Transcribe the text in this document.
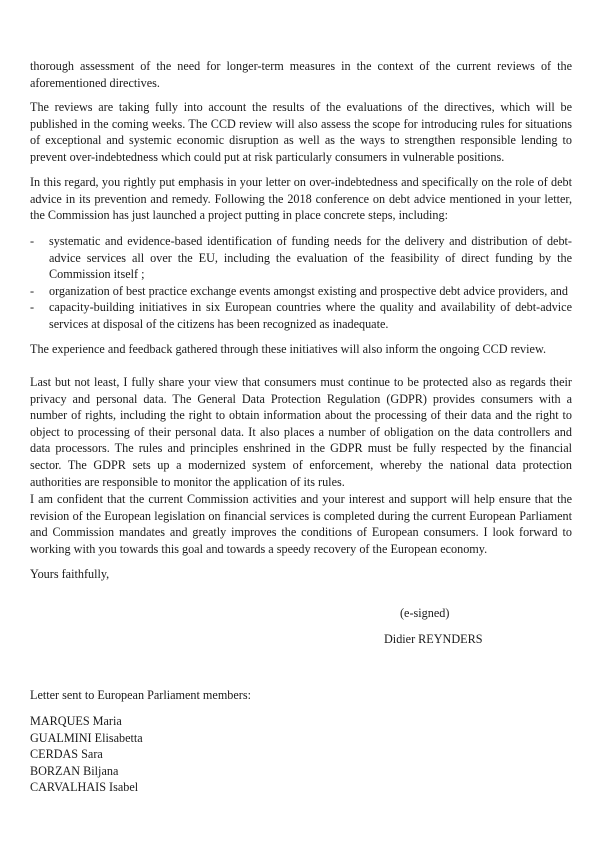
thorough assessment of the need for longer-term measures in the context of the current reviews of the aforementioned directives.

The reviews are taking fully into account the results of the evaluations of the directives, which will be published in the coming weeks. The CCD review will also assess the scope for introducing rules for situations of exceptional and systemic economic disruption as well as the ways to strengthen responsible lending to prevent over-indebtedness which could put at risk particularly consumers in vulnerable positions.

In this regard, you rightly put emphasis in your letter on over-indebtedness and specifically on the role of debt advice in its prevention and remedy. Following the 2018 conference on debt advice mentioned in your letter, the Commission has just launched a project putting in place concrete steps, including:

- systematic and evidence-based identification of funding needs for the delivery and distribution of debt-advice services all over the EU, including the evaluation of the feasibility of direct funding by the Commission itself ;
- organization of best practice exchange events amongst existing and prospective debt advice providers, and
- capacity-building initiatives in six European countries where the quality and availability of debt-advice services at disposal of the citizens has been recognized as inadequate.

The experience and feedback gathered through these initiatives will also inform the ongoing CCD review.

Last but not least, I fully share your view that consumers must continue to be protected also as regards their privacy and personal data. The General Data Protection Regulation (GDPR) provides consumers with a number of rights, including the right to obtain information about the processing of their data and the right to object to processing of their personal data. It also places a number of obligation on the data controllers and data processors. The rules and principles enshrined in the GDPR must be fully respected by the financial sector. The GDPR sets up a modernized system of enforcement, whereby the national data protection authorities are responsible to monitor the application of its rules.

I am confident that the current Commission activities and your interest and support will help ensure that the revision of the European legislation on financial services is completed during the current European Parliament and Commission mandates and greatly improves the conditions of European consumers. I look forward to working with you towards this goal and towards a speedy recovery of the European economy.

Yours faithfully,

(e-signed)

Didier REYNDERS

Letter sent to European Parliament members:

MARQUES Maria
GUALMINI Elisabetta
CERDAS Sara
BORZAN Biljana
CARVALHAIS Isabel
